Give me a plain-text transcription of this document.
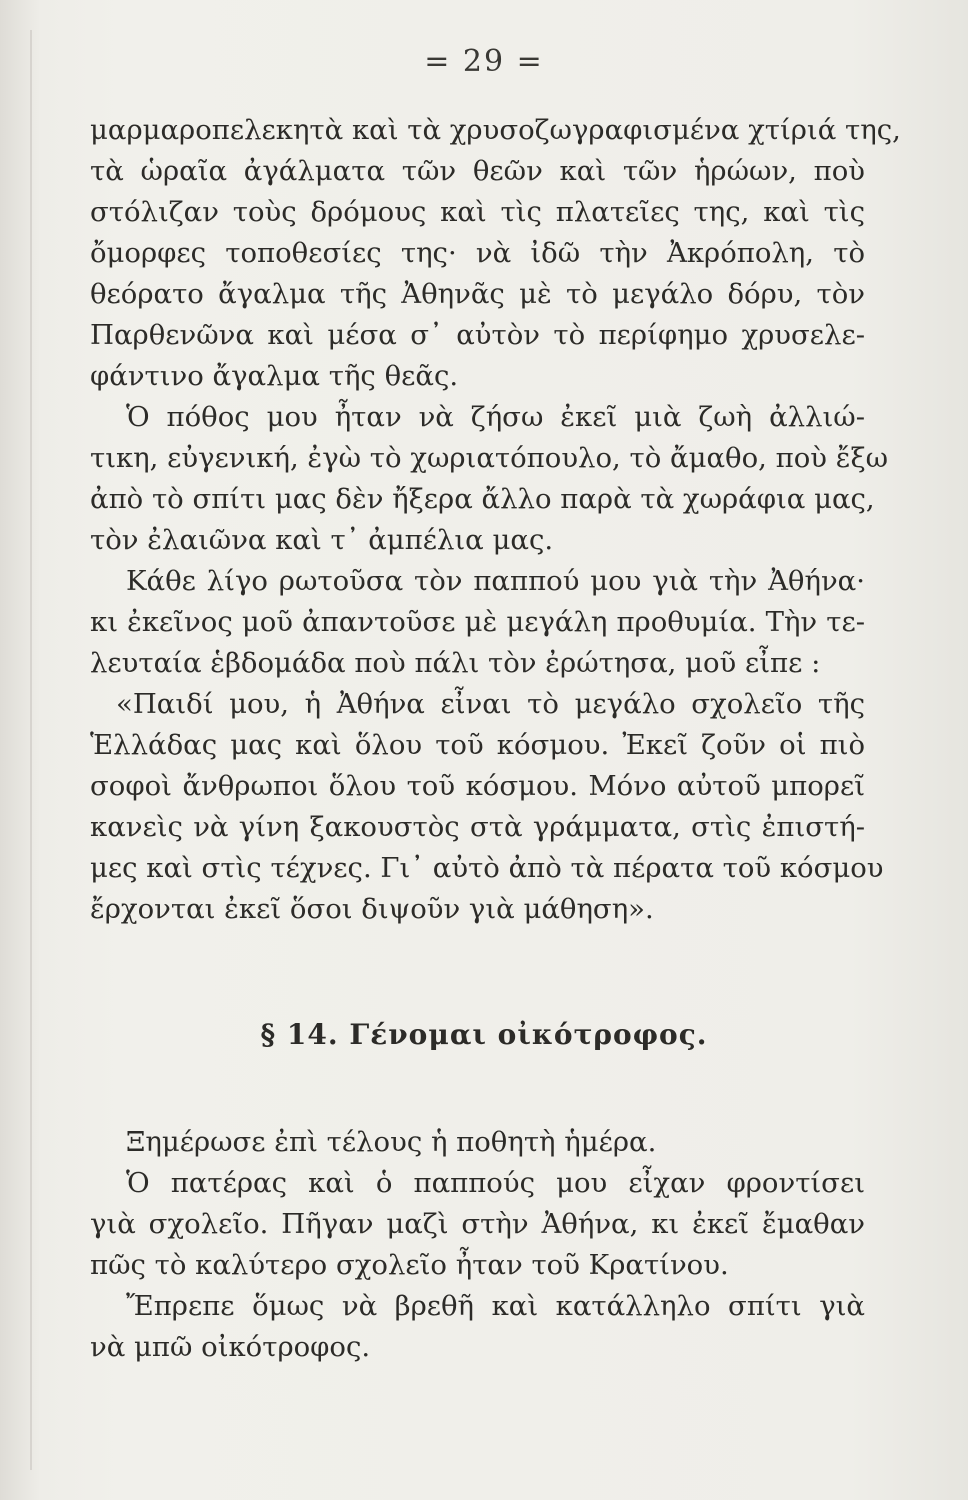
= 29 =
μαρμαροπελεκητὰ καὶ τὰ χρυσοζωγραφισμένα χτίριά της,
τὰ ὡραῖα ἀγάλματα τῶν θεῶν καὶ τῶν ἡρώων, ποὺ
στόλιζαν τοὺς δρόμους καὶ τὶς πλατεῖες της, καὶ τὶς
ὄμορφες τοποθεσίες της· νὰ ἰδῶ τὴν Ἀκρόπολη, τὸ
θεόρατο ἄγαλμα τῆς Ἀθηνᾶς μὲ τὸ μεγάλο δόρυ, τὸν
Παρθενῶνα καὶ μέσα σ᾽ αὐτὸν τὸ περίφημο χρυσελε-
φάντινο ἄγαλμα τῆς θεᾶς.
Ὁ πόθος μου ἦταν νὰ ζήσω ἐκεῖ μιὰ ζωὴ ἀλλιώ-
τικη, εὐγενική, ἐγὼ τὸ χωριατόπουλο, τὸ ἄμαθο, ποὺ ἔξω
ἀπὸ τὸ σπίτι μας δὲν ἤξερα ἄλλο παρὰ τὰ χωράφια μας,
τὸν ἐλαιῶνα καὶ τ᾽ ἀμπέλια μας.
Κάθε λίγο ρωτοῦσα τὸν παππού μου γιὰ τὴν Ἀθήνα·
κι ἐκεῖνος μοῦ ἀπαντοῦσε μὲ μεγάλη προθυμία. Τὴν τε-
λευταία ἑβδομάδα ποὺ πάλι τὸν ἐρώτησα, μοῦ εἶπε :
«Παιδί μου, ἡ Ἀθήνα εἶναι τὸ μεγάλο σχολεῖο τῆς
Ἑλλάδας μας καὶ ὅλου τοῦ κόσμου. Ἐκεῖ ζοῦν οἱ πιὸ
σοφοὶ ἄνθρωποι ὅλου τοῦ κόσμου. Μόνο αὐτοῦ μπορεῖ
κανεὶς νὰ γίνη ξακουστὸς στὰ γράμματα, στὶς ἐπιστή-
μες καὶ στὶς τέχνες. Γι᾽ αὐτὸ ἀπὸ τὰ πέρατα τοῦ κόσμου
ἔρχονται ἐκεῖ ὅσοι διψοῦν γιὰ μάθηση».
§ 14. Γένομαι οἰκότροφος.
Ξημέρωσε ἐπὶ τέλους ἡ ποθητὴ ἡμέρα.
Ὁ πατέρας καὶ ὁ παππούς μου εἶχαν φροντίσει
γιὰ σχολεῖο. Πῆγαν μαζὶ στὴν Ἀθήνα, κι ἐκεῖ ἔμαθαν
πῶς τὸ καλύτερο σχολεῖο ἦταν τοῦ Κρατίνου.
Ἔπρεπε ὅμως νὰ βρεθῆ καὶ κατάλληλο σπίτι γιὰ
νὰ μπῶ οἰκότροφος.
